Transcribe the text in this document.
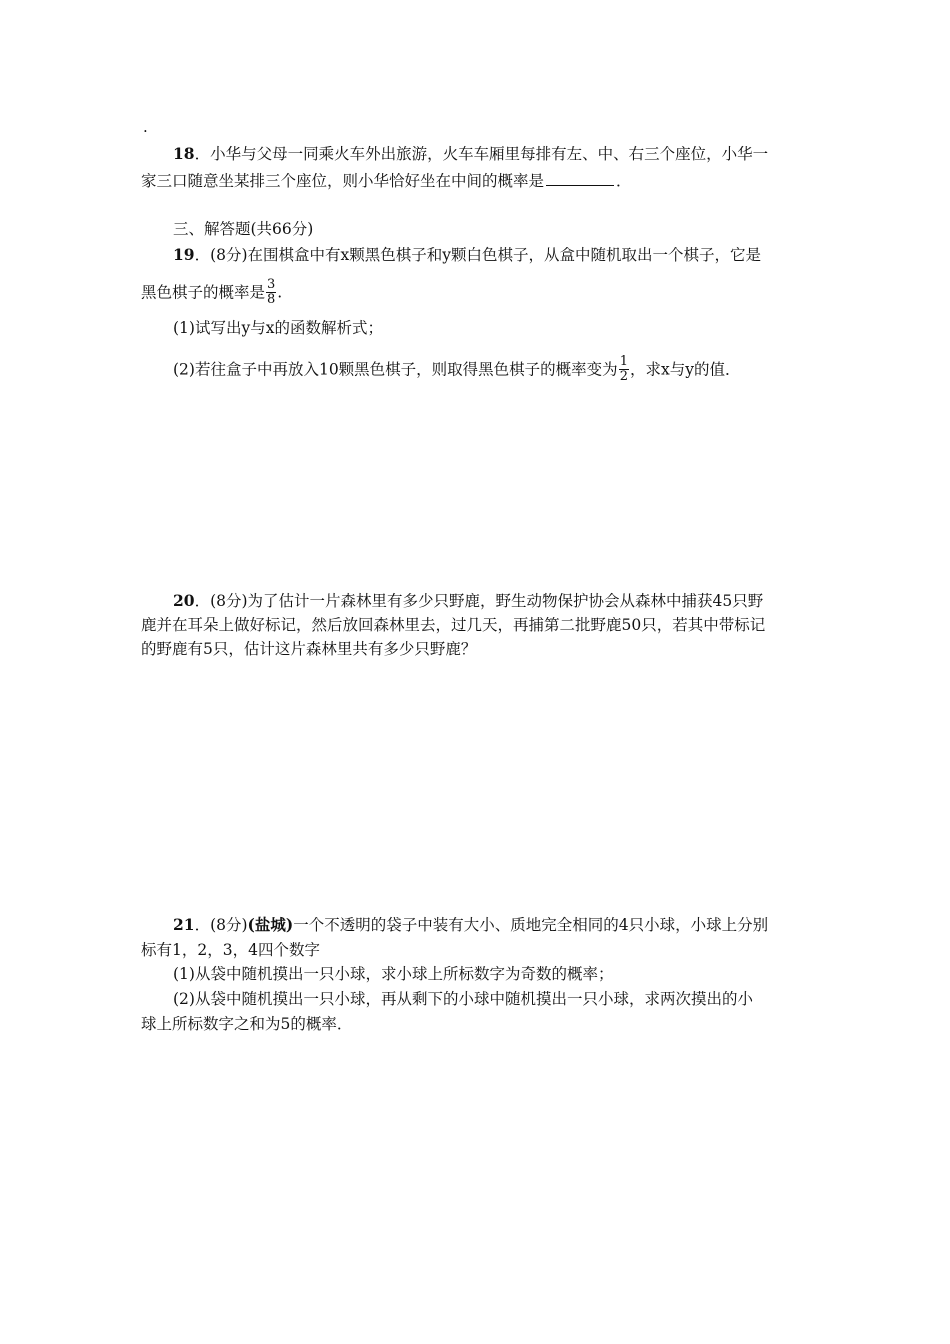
.
18．小华与父母一同乘火车外出旅游，火车车厢里每排有左、中、右三个座位，小华一
家三口随意坐某排三个座位，则小华恰好坐在中间的概率是	．
三、解答题(共66分)
19．(8分)在围棋盒中有x颗黑色棋子和y颗白色棋子，从盒中随机取出一个棋子，它是
黑色棋子的概率是 $\frac{3}{8}$ .
(1)试写出y与x的函数解析式；
(2)若往盒子中再放入10颗黑色棋子，则取得黑色棋子的概率变为 $\frac{1}{2}$ ，求x与y的值．
20．(8分)为了估计一片森林里有多少只野鹿，野生动物保护协会从森林中捕获45只野
鹿并在耳朵上做好标记，然后放回森林里去，过几天，再捕第二批野鹿50只，若其中带标记
的野鹿有5只，估计这片森林里共有多少只野鹿？
21．(8分)(盐城)一个不透明的袋子中装有大小、质地完全相同的4只小球，小球上分别
标有1，2，3，4四个数字
(1)从袋中随机摸出一只小球，求小球上所标数字为奇数的概率；
(2)从袋中随机摸出一只小球，再从剩下的小球中随机摸出一只小球，求两次摸出的小
球上所标数字之和为5的概率．
